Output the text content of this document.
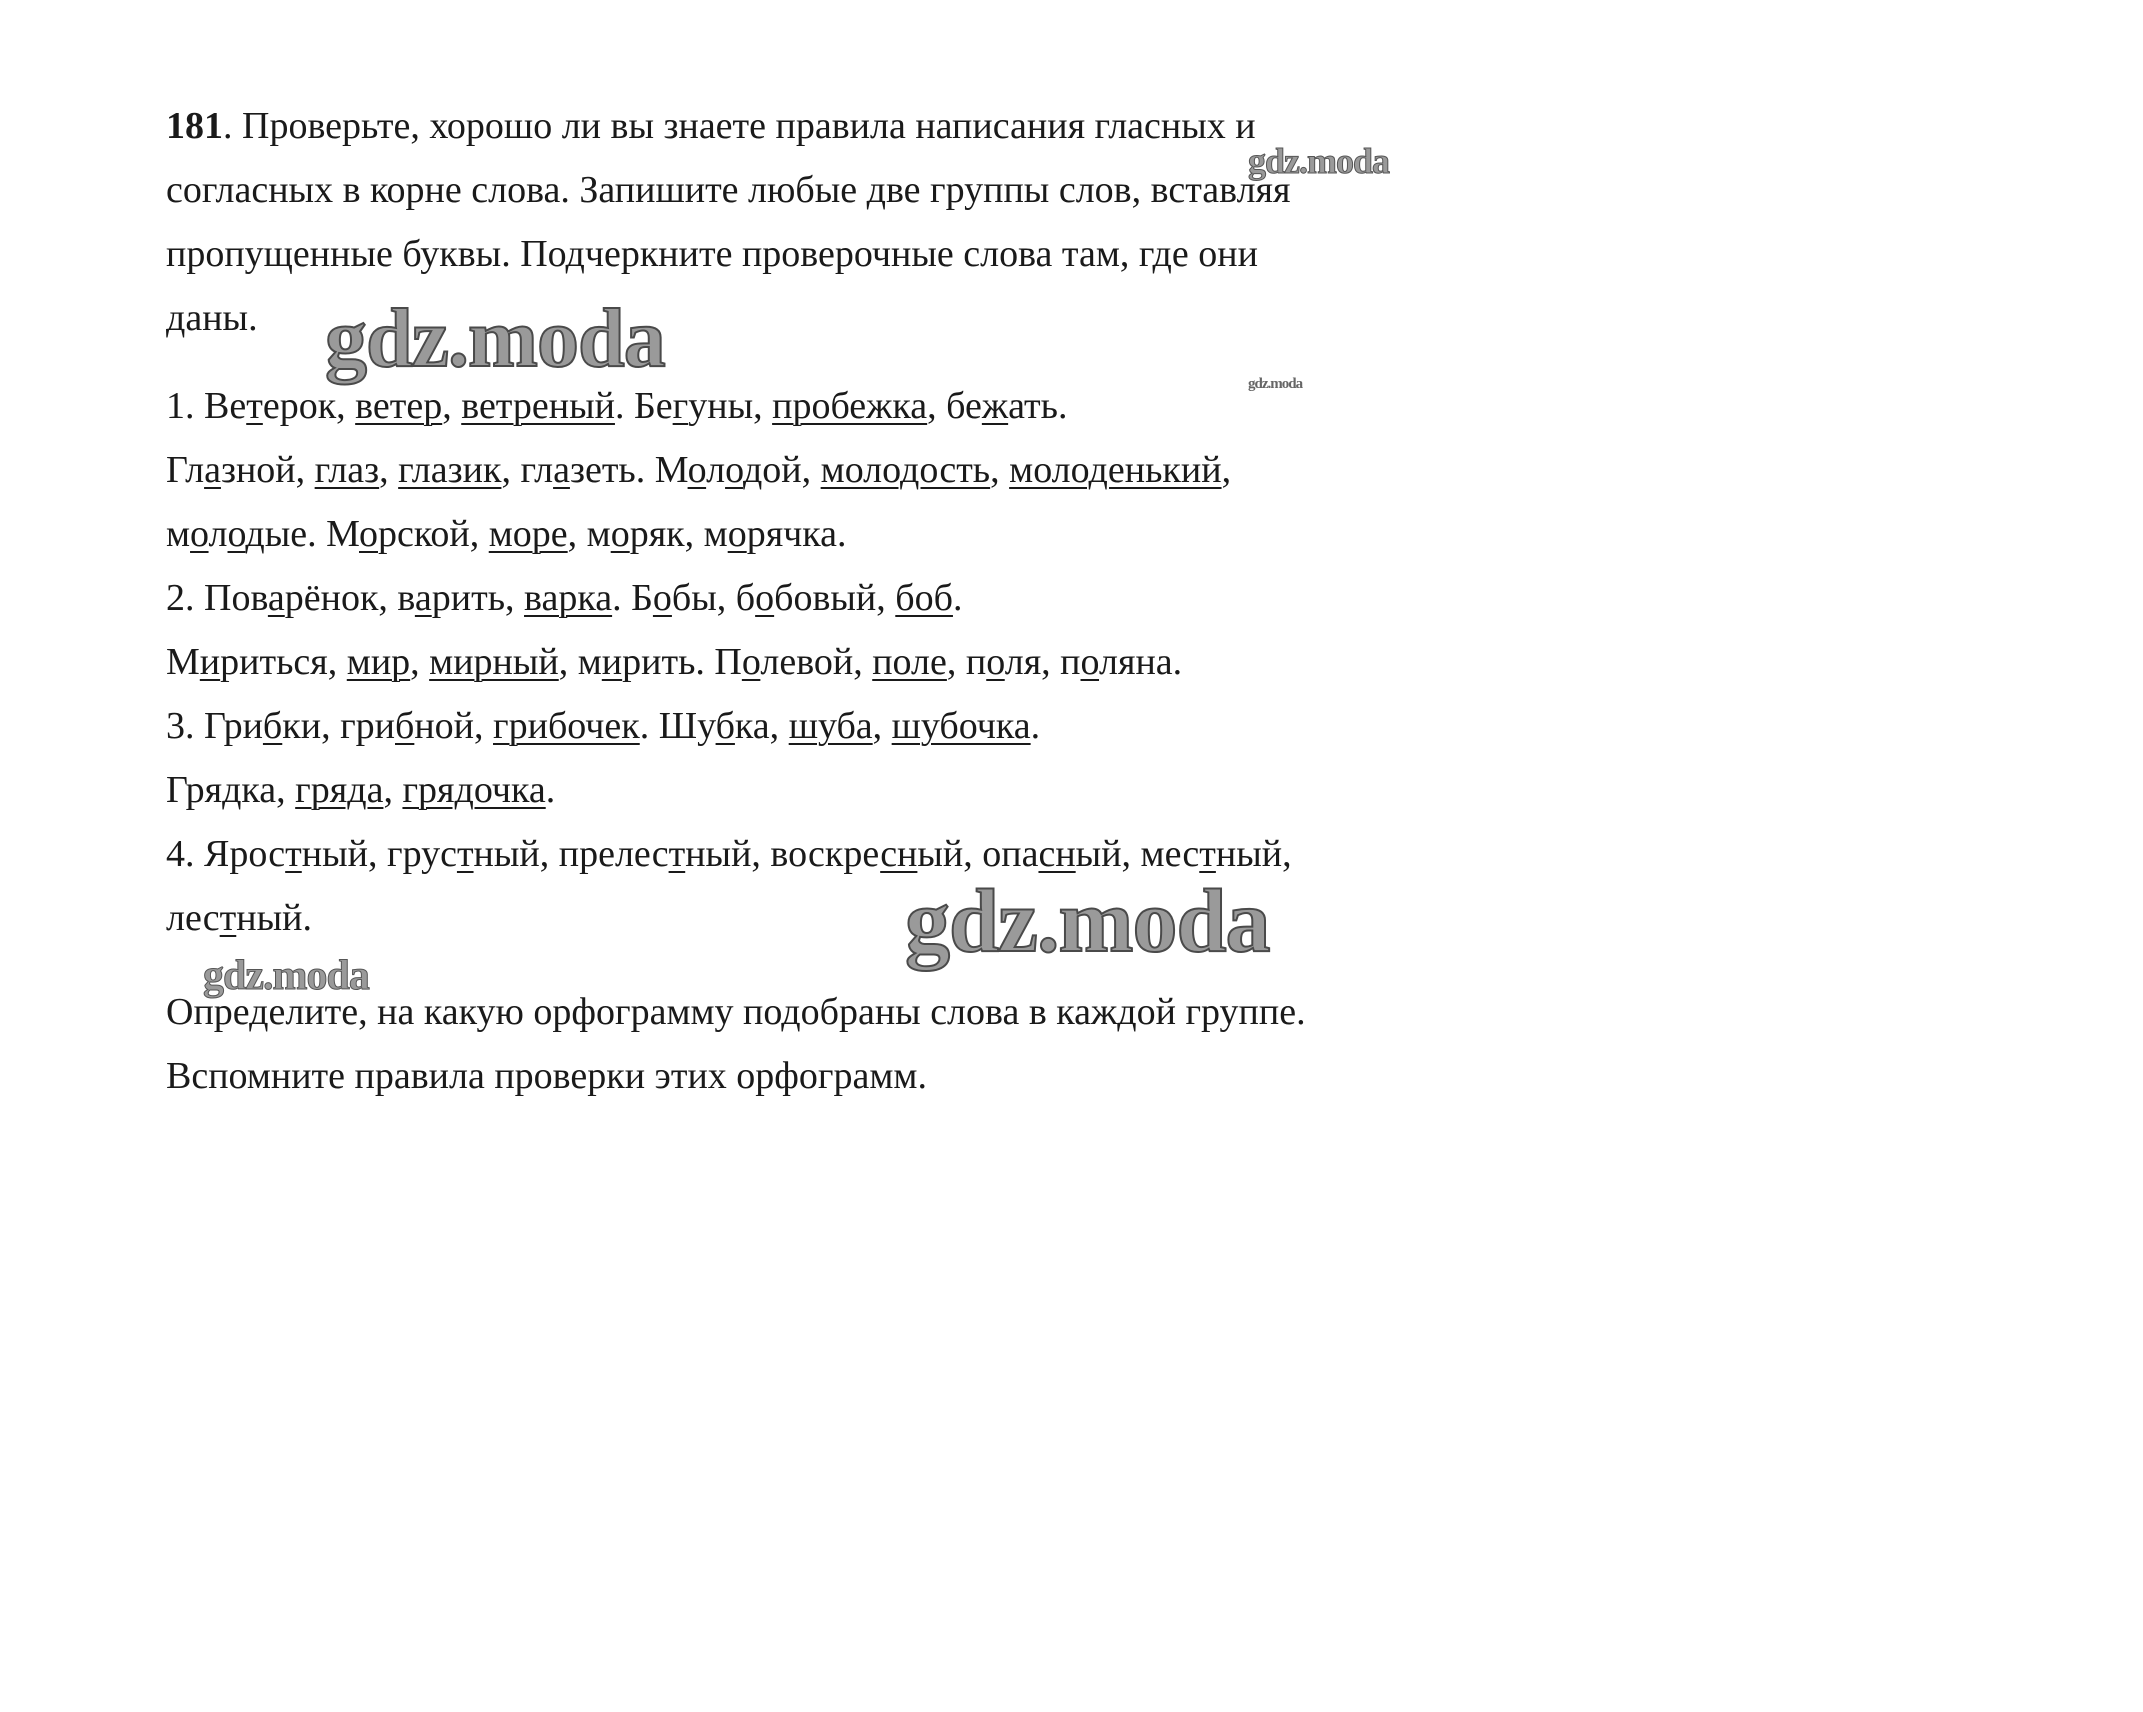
181. Проверьте, хорошо ли вы знаете правила написания гласных и
согласных в корне слова. Запишите любые две группы слов, вставляя
пропущенные буквы. Подчеркните проверочные слова там, где они
даны.
1. Ветерок, ветер, ветреный. Бегуны, пробежка, бежать.
Глазной, глаз, глазик, глазеть. Молодой, молодость, молоденький,
молодые. Морской, море, моряк, морячка.
2. Поварёнок, варить, варка. Бобы, бобовый, боб.
Мириться, мир, мирный, мирить. Полевой, поле, поля, поляна.
3. Грибки, грибной, грибочек. Шубка, шуба, шубочка.
Грядка, гряда, грядочка.
4. Яростный, грустный, прелестный, воскресный, опасный, местный,
лестный.
Определите, на какую орфограмму подобраны слова в каждой группе.
Вспомните правила проверки этих орфограмм.
gdz.moda
gdz.moda	gdz.moda
gdz.moda
gdz.moda
